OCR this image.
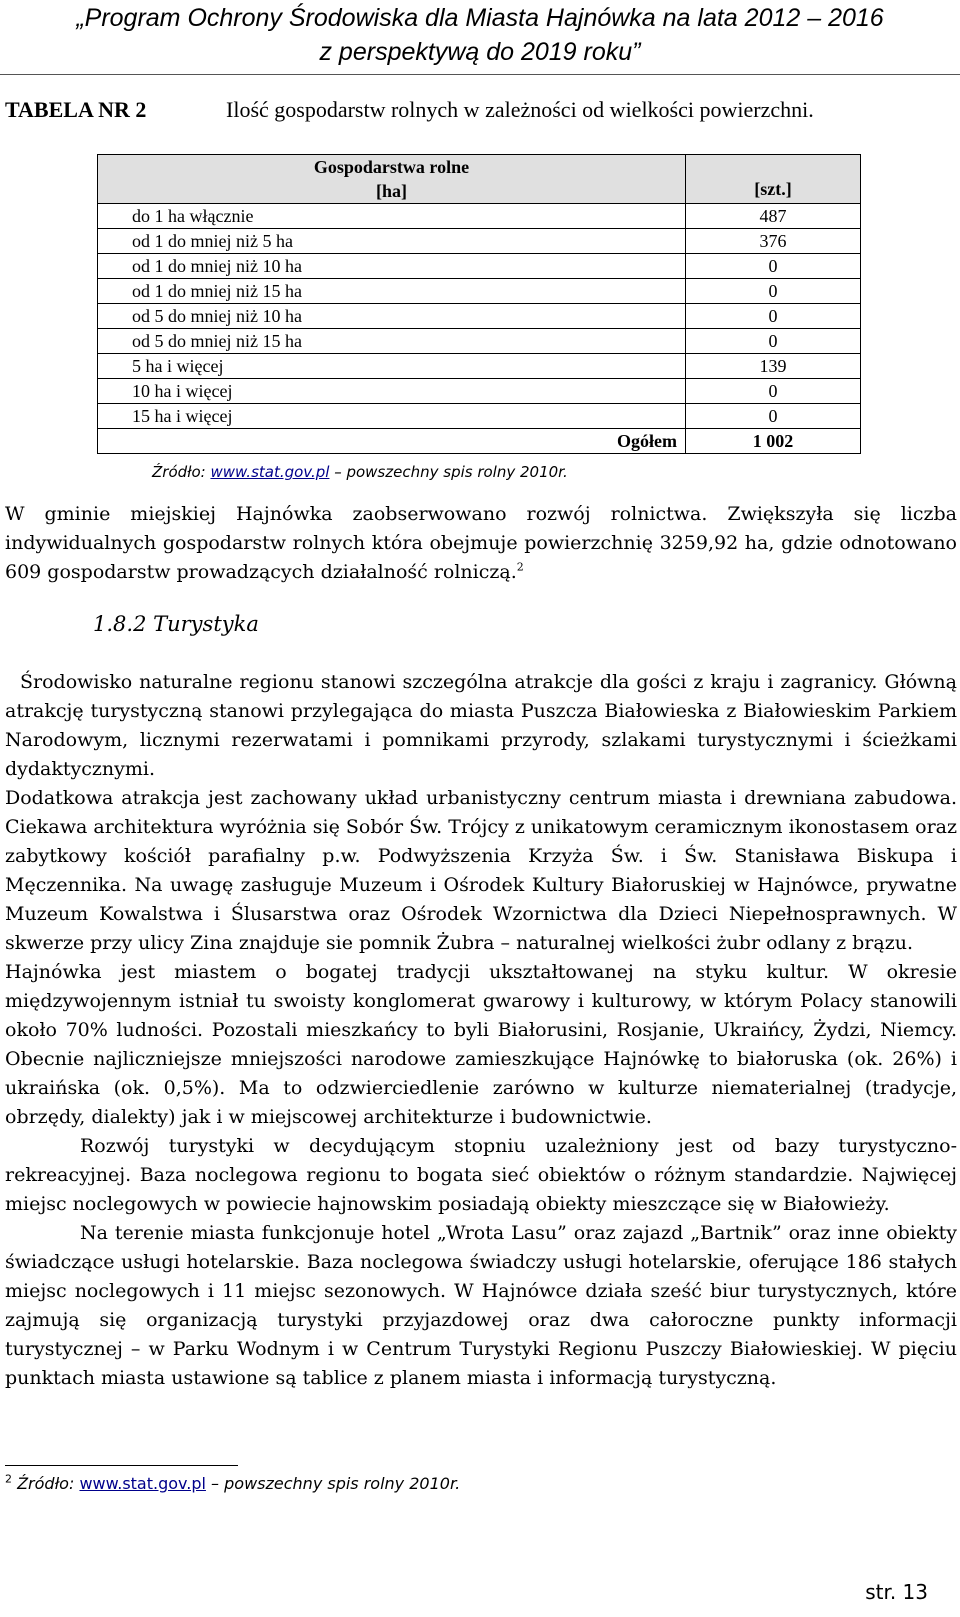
„Program Ochrony Środowiska dla Miasta Hajnówka na lata 2012 – 2016
z perspektywą do 2019 roku”
TABELA NR 2	Ilość gospodarstw rolnych w zależności od wielkości powierzchni.
Gospodarstwa rolne
[ha]	[szt.]
do 1 ha włącznie	487
od 1 do mniej niż 5 ha	376
od 1 do mniej niż 10 ha	0
od 1 do mniej niż 15 ha	0
od 5 do mniej niż 10 ha	0
od 5 do mniej niż 15 ha	0
5 ha i więcej	139
10 ha i więcej	0
15 ha i więcej	0
Ogółem	1 002
Źródło: www.stat.gov.pl – powszechny spis rolny 2010r.
W gminie miejskiej Hajnówka zaobserwowano rozwój rolnictwa. Zwiększyła się liczba indywidualnych gospodarstw rolnych która obejmuje powierzchnię 3259,92 ha, gdzie odnotowano 609 gospodarstw prowadzących działalność rolniczą.$^2$
1.8.2 Turystyka

Środowisko naturalne regionu stanowi szczególna atrakcje dla gości z kraju i zagranicy. Główną atrakcję turystyczną stanowi przylegająca do miasta Puszcza Białowieska z Białowieskim Parkiem Narodowym, licznymi rezerwatami i pomnikami przyrody, szlakami turystycznymi i ścieżkami dydaktycznymi.

Dodatkowa atrakcja jest zachowany układ urbanistyczny centrum miasta i drewniana zabudowa. Ciekawa architektura wyróżnia się Sobór Św. Trójcy z unikatowym ceramicznym ikonostasem oraz zabytkowy kościół parafialny p.w. Podwyższenia Krzyża Św. i Św. Stanisława Biskupa i Męczennika. Na uwagę zasługuje Muzeum i Ośrodek Kultury Białoruskiej w Hajnówce, prywatne Muzeum Kowalstwa i Ślusarstwa oraz Ośrodek Wzornictwa dla Dzieci Niepełnosprawnych. W skwerze przy ulicy Zina znajduje sie pomnik Żubra – naturalnej wielkości żubr odlany z brązu.

Hajnówka jest miastem o bogatej tradycji ukształtowanej na styku kultur. W okresie międzywojennym istniał tu swoisty konglomerat gwarowy i kulturowy, w którym Polacy stanowili około 70% ludności. Pozostali mieszkańcy to byli Białorusini, Rosjanie, Ukraińcy, Żydzi, Niemcy. Obecnie najliczniejsze mniejszości narodowe zamieszkujące Hajnówkę to białoruska (ok. 26%) i ukraińska (ok. 0,5%). Ma to odzwierciedlenie zarówno w kulturze niematerialnej (tradycje, obrzędy, dialekty) jak i w miejscowej architekturze i budownictwie.

Rozwój turystyki w decydującym stopniu uzależniony jest od bazy turystyczno-rekreacyjnej. Baza noclegowa regionu to bogata sieć obiektów o różnym standardzie. Najwięcej miejsc noclegowych w powiecie hajnowskim posiadają obiekty mieszczące się w Białowieży.

Na terenie miasta funkcjonuje hotel „Wrota Lasu” oraz zajazd „Bartnik” oraz inne obiekty świadczące usługi hotelarskie. Baza noclegowa świadczy usługi hotelarskie, oferujące 186 stałych miejsc noclegowych i 11 miejsc sezonowych. W Hajnówce działa sześć biur turystycznych, które zajmują się organizacją turystyki przyjazdowej oraz dwa całoroczne punkty informacji turystycznej – w Parku Wodnym i w Centrum Turystyki Regionu Puszczy Białowieskiej. W pięciu punktach miasta ustawione są tablice z planem miasta i informacją turystyczną.

$^2$ Źródło: www.stat.gov.pl – powszechny spis rolny 2010r.
str. 13
